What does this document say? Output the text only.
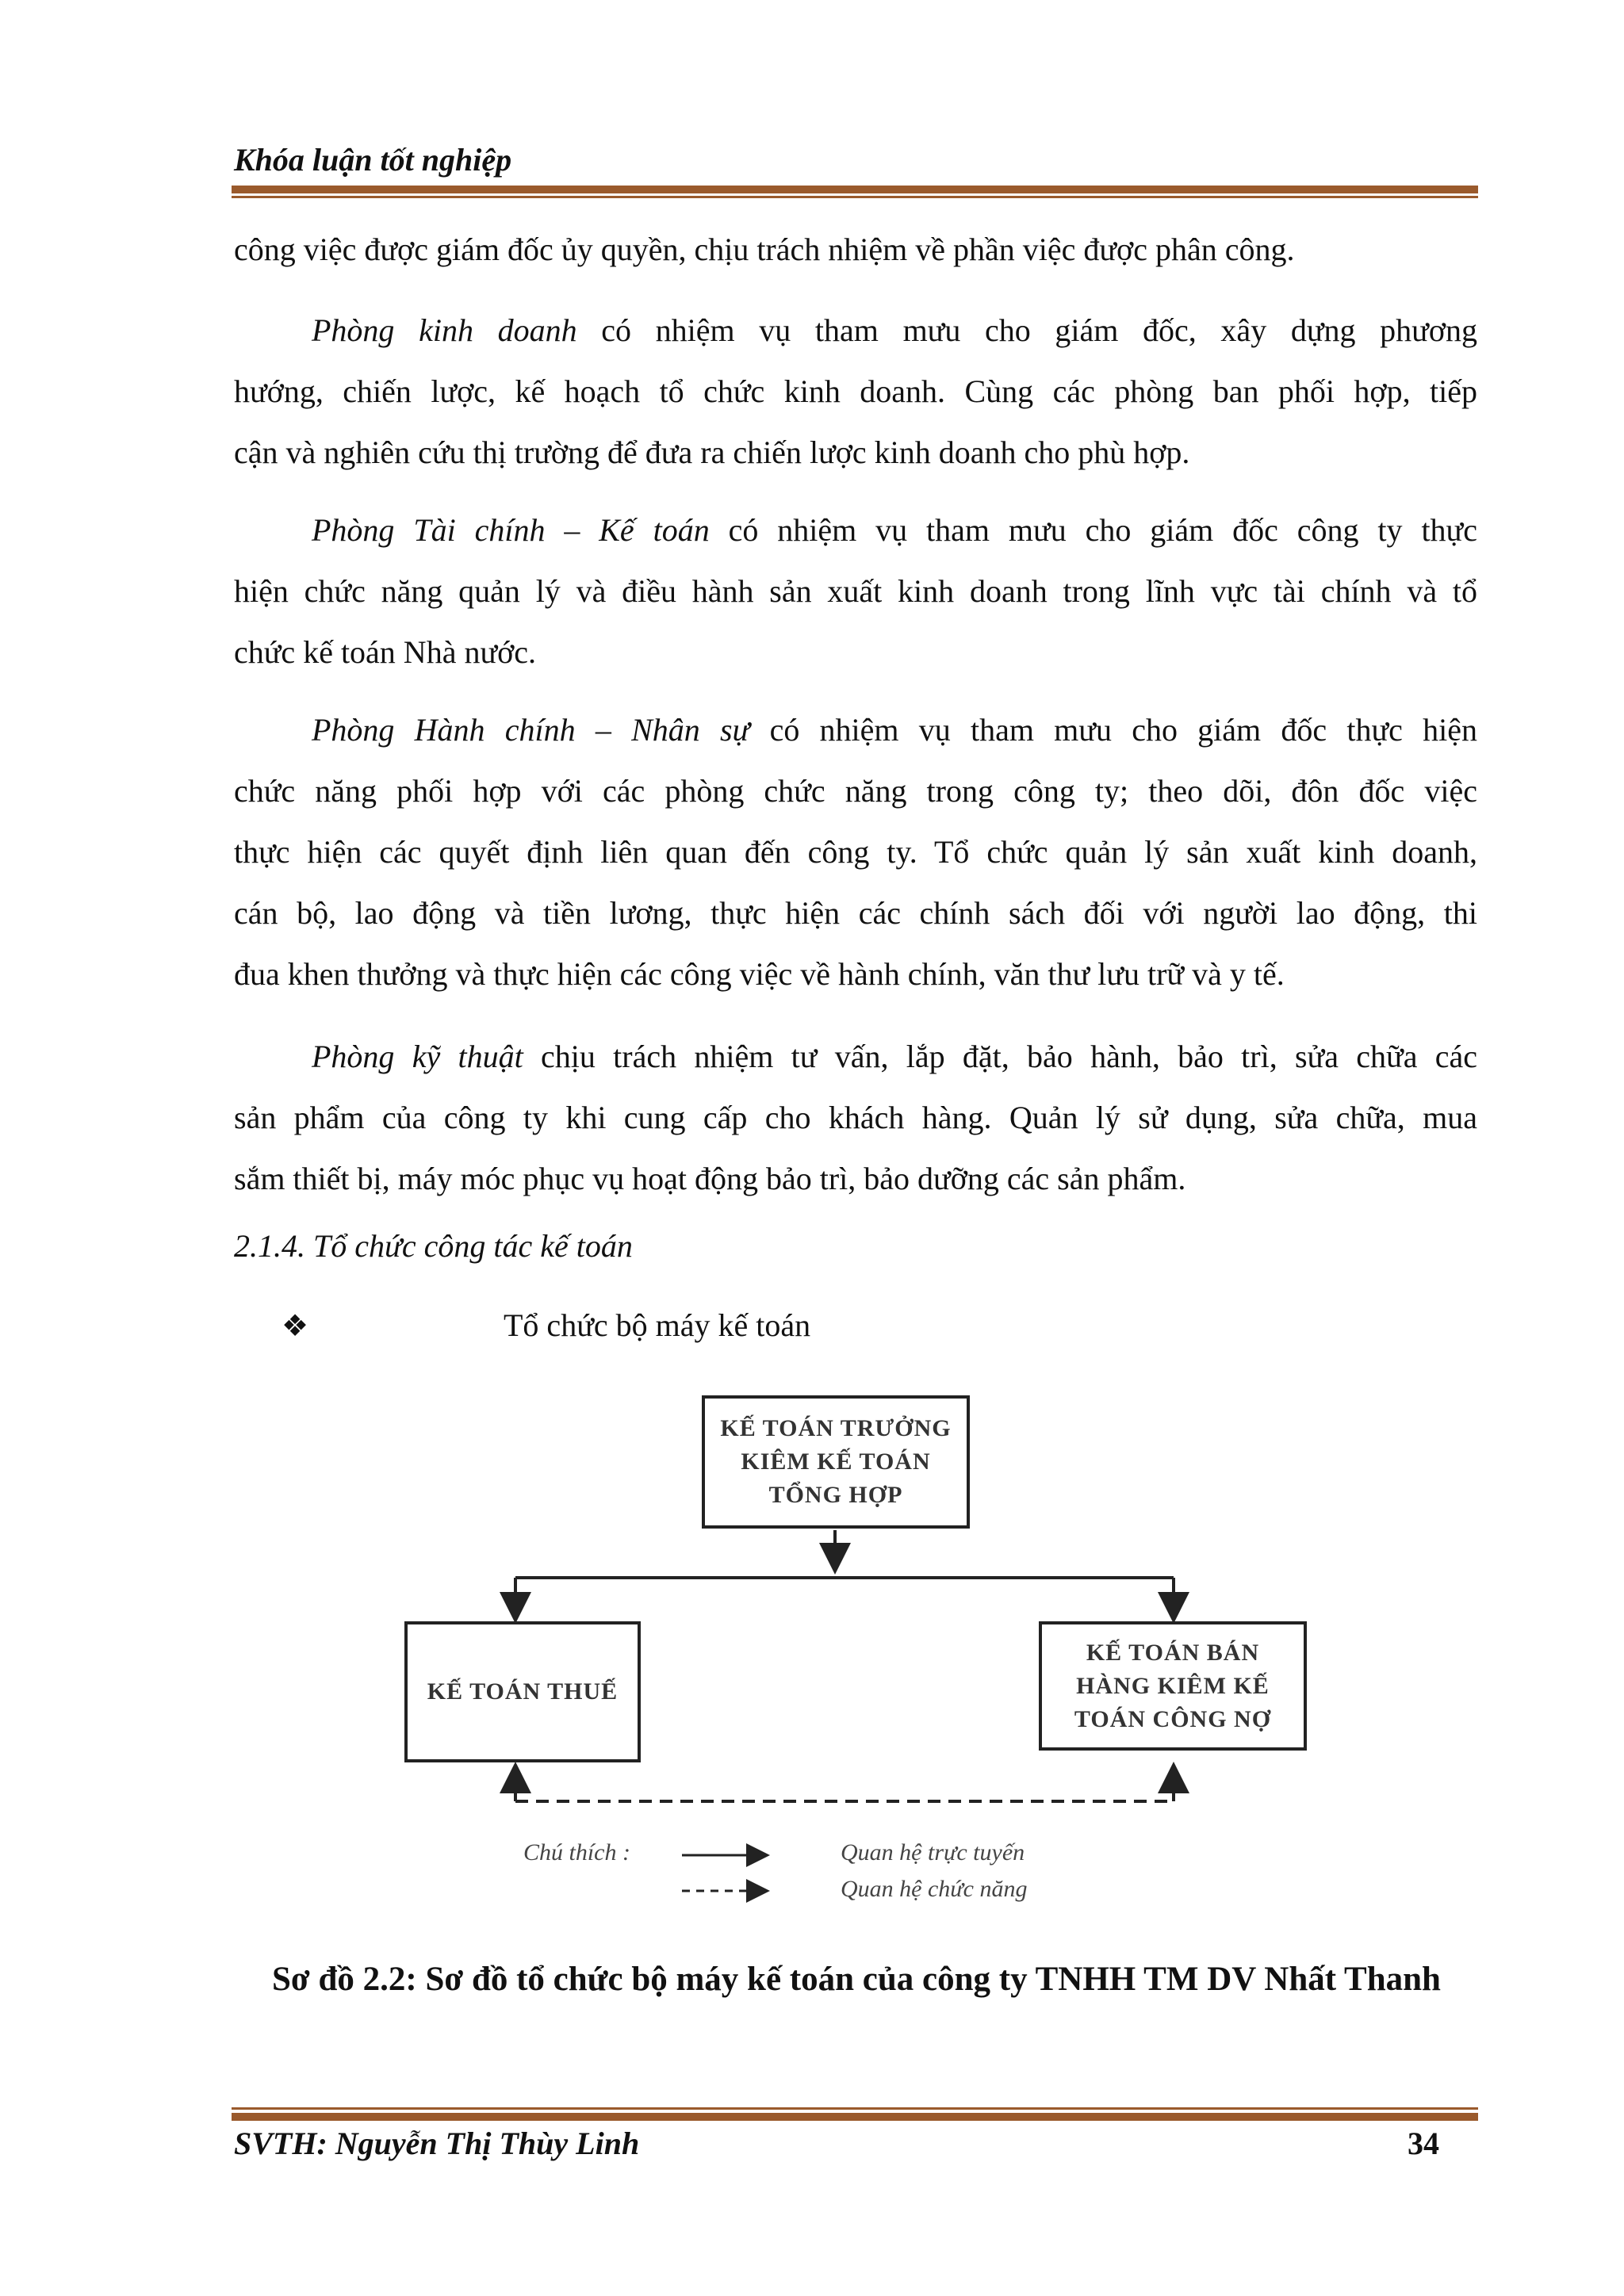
Khóa luận tốt nghiệp
công việc được giám đốc ủy quyền, chịu trách nhiệm về phần việc được phân công.
Phòng kinh doanh có nhiệm vụ tham mưu cho giám đốc, xây dựng phương
hướng, chiến lược, kế hoạch tổ chức kinh doanh. Cùng các phòng ban phối hợp, tiếp
cận và nghiên cứu thị trường để đưa ra chiến lược kinh doanh cho phù hợp.
Phòng Tài chính – Kế toán có nhiệm vụ tham mưu cho giám đốc công ty thực
hiện chức năng quản lý và điều hành sản xuất kinh doanh trong lĩnh vực tài chính và tổ
chức kế toán Nhà nước.
Phòng Hành chính – Nhân sự có nhiệm vụ tham mưu cho giám đốc thực hiện
chức năng phối hợp với các phòng chức năng trong công ty; theo dõi, đôn đốc việc
thực hiện các quyết định liên quan đến công ty. Tổ chức quản lý sản xuất kinh doanh,
cán bộ, lao động và tiền lương, thực hiện các chính sách đối với người lao động, thi
đua khen thưởng và thực hiện các công việc về hành chính, văn thư lưu trữ và y tế.
Phòng kỹ thuật chịu trách nhiệm tư vấn, lắp đặt, bảo hành, bảo trì, sửa chữa các
sản phẩm của công ty khi cung cấp cho khách hàng. Quản lý sử dụng, sửa chữa, mua
sắm thiết bị, máy móc phục vụ hoạt động bảo trì, bảo dưỡng các sản phẩm.
2.1.4. Tổ chức công tác kế toán
❖	Tổ chức bộ máy kế toán
KẾ TOÁN TRƯỞNG
KIÊM KẾ TOÁN
TỔNG HỢP
KẾ TOÁN THUẾ
KẾ TOÁN BÁN
HÀNG KIÊM KẾ
TOÁN CÔNG NỢ
Chú thích :	Quan hệ trực tuyến
Quan hệ chức năng
Sơ đồ 2.2: Sơ đồ tổ chức bộ máy kế toán của công ty TNHH TM DV Nhất Thanh
SVTH: Nguyễn Thị Thùy Linh	34
